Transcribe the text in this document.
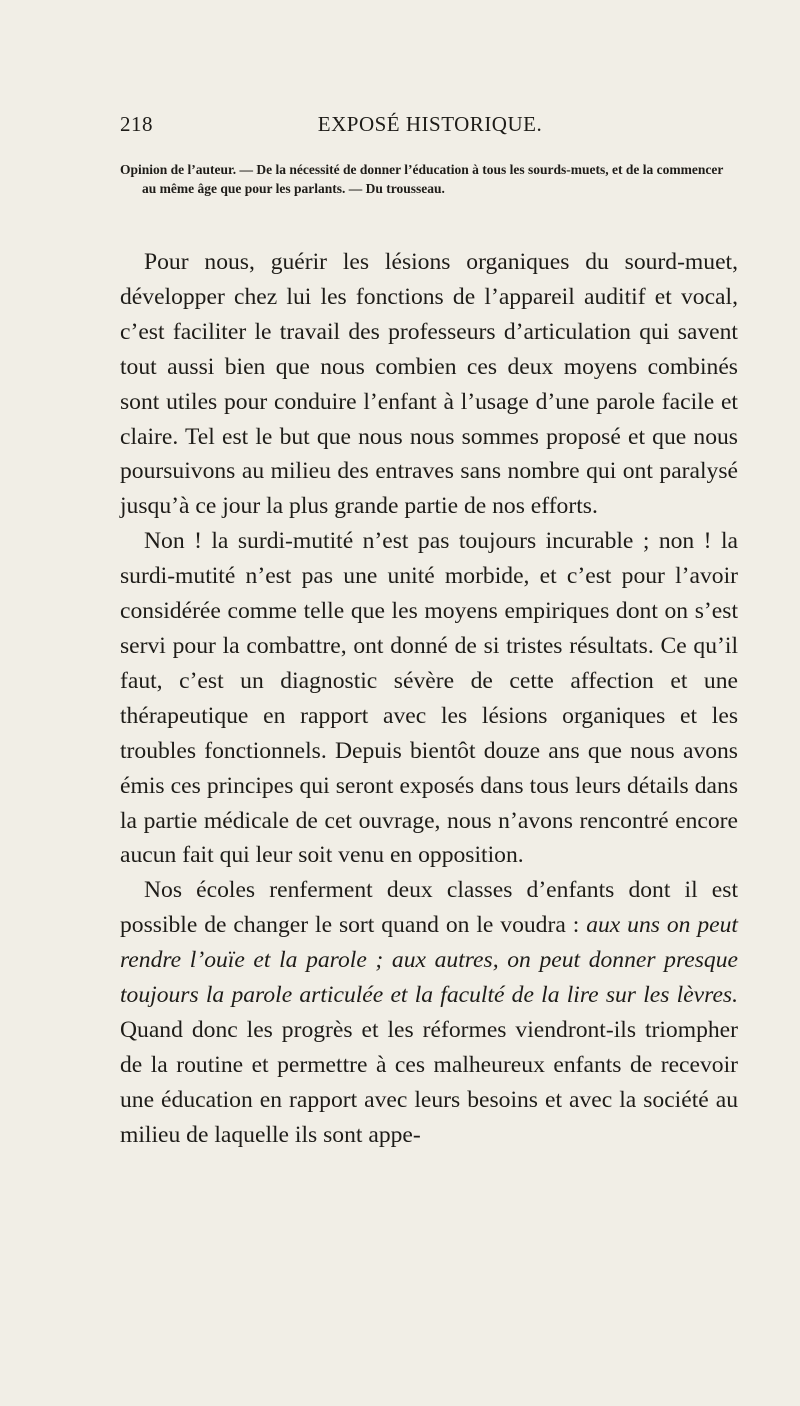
218	EXPOSÉ HISTORIQUE.
Opinion de l’auteur. — De la nécessité de donner l’éducation à tous les sourds-muets, et de la commencer au même âge que pour les parlants. — Du trousseau.

Pour nous, guérir les lésions organiques du sourd-muet, développer chez lui les fonctions de l’appareil auditif et vocal, c’est faciliter le travail des professeurs d’articulation qui savent tout aussi bien que nous combien ces deux moyens combinés sont utiles pour conduire l’enfant à l’usage d’une parole facile et claire. Tel est le but que nous nous sommes proposé et que nous poursuivons au milieu des entraves sans nombre qui ont paralysé jusqu’à ce jour la plus grande partie de nos efforts.

Non ! la surdi-mutité n’est pas toujours incurable ; non ! la surdi-mutité n’est pas une unité morbide, et c’est pour l’avoir considérée comme telle que les moyens empiriques dont on s’est servi pour la combattre, ont donné de si tristes résultats. Ce qu’il faut, c’est un diagnostic sévère de cette affection et une thérapeutique en rapport avec les lésions organiques et les troubles fonctionnels. Depuis bientôt douze ans que nous avons émis ces principes qui seront exposés dans tous leurs détails dans la partie médicale de cet ouvrage, nous n’avons rencontré encore aucun fait qui leur soit venu en opposition.

Nos écoles renferment deux classes d’enfants dont il est possible de changer le sort quand on le voudra : aux uns on peut rendre l’ouïe et la parole ; aux autres, on peut donner presque toujours la parole articulée et la faculté de la lire sur les lèvres. Quand donc les progrès et les réformes viendront-ils triompher de la routine et permettre à ces malheureux enfants de recevoir une éducation en rapport avec leurs besoins et avec la société au milieu de laquelle ils sont appe-
